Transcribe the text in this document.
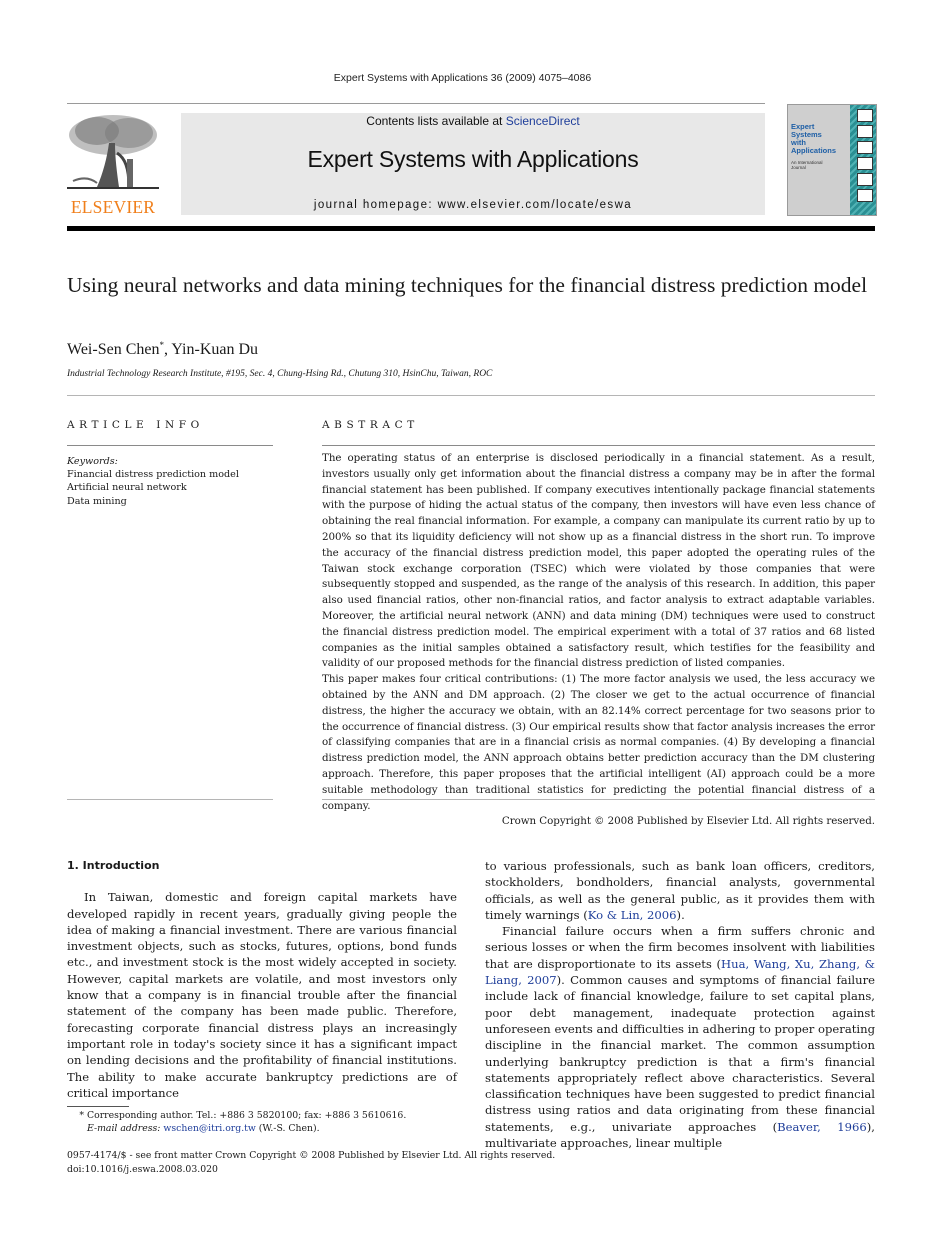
Expert Systems with Applications 36 (2009) 4075–4086
ELSEVIER
Contents lists available at ScienceDirect
Expert Systems with Applications
journal homepage: www.elsevier.com/locate/eswa
Expert
Systems
with
Applications
An International
Journal
Using neural networks and data mining techniques for the financial distress prediction model
Wei-Sen Chen*, Yin-Kuan Du
Industrial Technology Research Institute, #195, Sec. 4, Chung-Hsing Rd., Chutung 310, HsinChu, Taiwan, ROC
ARTICLE INFO
Keywords:
Financial distress prediction model
Artificial neural network
Data mining
ABSTRACT

The operating status of an enterprise is disclosed periodically in a financial statement. As a result, investors usually only get information about the financial distress a company may be in after the formal financial statement has been published. If company executives intentionally package financial statements with the purpose of hiding the actual status of the company, then investors will have even less chance of obtaining the real financial information. For example, a company can manipulate its current ratio by up to 200% so that its liquidity deficiency will not show up as a financial distress in the short run. To improve the accuracy of the financial distress prediction model, this paper adopted the operating rules of the Taiwan stock exchange corporation (TSEC) which were violated by those companies that were subsequently stopped and suspended, as the range of the analysis of this research. In addition, this paper also used financial ratios, other non-financial ratios, and factor analysis to extract adaptable variables. Moreover, the artificial neural network (ANN) and data mining (DM) techniques were used to construct the financial distress prediction model. The empirical experiment with a total of 37 ratios and 68 listed companies as the initial samples obtained a satisfactory result, which testifies for the feasibility and validity of our proposed methods for the financial distress prediction of listed companies.

This paper makes four critical contributions: (1) The more factor analysis we used, the less accuracy we obtained by the ANN and DM approach. (2) The closer we get to the actual occurrence of financial distress, the higher the accuracy we obtain, with an 82.14% correct percentage for two seasons prior to the occurrence of financial distress. (3) Our empirical results show that factor analysis increases the error of classifying companies that are in a financial crisis as normal companies. (4) By developing a financial distress prediction model, the ANN approach obtains better prediction accuracy than the DM clustering approach. Therefore, this paper proposes that the artificial intelligent (AI) approach could be a more suitable methodology than traditional statistics for predicting the potential financial distress of a company.

Crown Copyright © 2008 Published by Elsevier Ltd. All rights reserved.

1. Introduction

In Taiwan, domestic and foreign capital markets have developed rapidly in recent years, gradually giving people the idea of making a financial investment. There are various financial investment objects, such as stocks, futures, options, bond funds etc., and investment stock is the most widely accepted in society. However, capital markets are volatile, and most investors only know that a company is in financial trouble after the financial statement of the company has been made public. Therefore, forecasting corporate financial distress plays an increasingly important role in today's society since it has a significant impact on lending decisions and the profitability of financial institutions. The ability to make accurate bankruptcy predictions are of critical importance

to various professionals, such as bank loan officers, creditors, stockholders, bondholders, financial analysts, governmental officials, as well as the general public, as it provides them with timely warnings (Ko & Lin, 2006).

Financial failure occurs when a firm suffers chronic and serious losses or when the firm becomes insolvent with liabilities that are disproportionate to its assets (Hua, Wang, Xu, Zhang, & Liang, 2007). Common causes and symptoms of financial failure include lack of financial knowledge, failure to set capital plans, poor debt management, inadequate protection against unforeseen events and difficulties in adhering to proper operating discipline in the financial market. The common assumption underlying bankruptcy prediction is that a firm's financial statements appropriately reflect above characteristics. Several classification techniques have been suggested to predict financial distress using ratios and data originating from these financial statements, e.g., univariate approaches (Beaver, 1966), multivariate approaches, linear multiple

* Corresponding author. Tel.: +886 3 5820100; fax: +886 3 5610616.
E-mail address: wschen@itri.org.tw (W.-S. Chen).
0957-4174/$ - see front matter Crown Copyright © 2008 Published by Elsevier Ltd. All rights reserved.
doi:10.1016/j.eswa.2008.03.020
